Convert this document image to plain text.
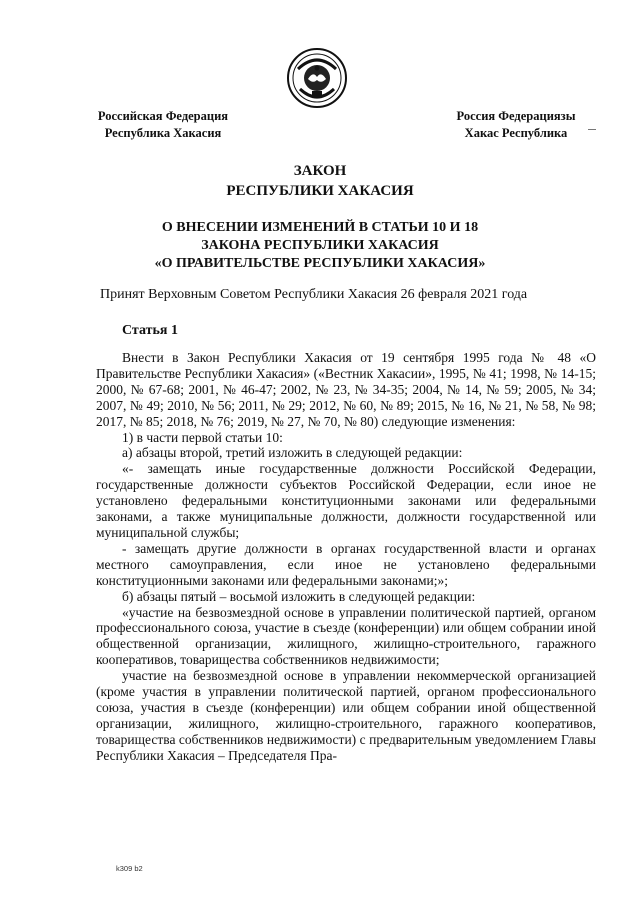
Российская Федерация
Республика Хакасия
Россия Федерациязы
Хакас Республика
ЗАКОН
РЕСПУБЛИКИ ХАКАСИЯ
О ВНЕСЕНИИ ИЗМЕНЕНИЙ В СТАТЬИ 10 И 18
ЗАКОНА РЕСПУБЛИКИ ХАКАСИЯ
«О ПРАВИТЕЛЬСТВЕ РЕСПУБЛИКИ ХАКАСИЯ»
Принят Верховным Советом Республики Хакасия 26 февраля 2021 года
Статья 1

Внести в Закон Республики Хакасия от 19 сентября 1995 года № 48 «О Правительстве Республики Хакасия» («Вестник Хакасии», 1995, № 41; 1998, № 14-15; 2000, № 67-68; 2001, № 46-47; 2002, № 23, № 34-35; 2004, № 14, № 59; 2005, № 34; 2007, № 49; 2010, № 56; 2011, № 29; 2012, № 60, № 89; 2015, № 16, № 21, № 58, № 98; 2017, № 85; 2018, № 76; 2019, № 27, № 70, № 80) следующие изменения:

1) в части первой статьи 10:

а) абзацы второй, третий изложить в следующей редакции:

«- замещать иные государственные должности Российской Федерации, государственные должности субъектов Российской Федерации, если иное не установлено федеральными конституционными законами или федеральными законами, а также муниципальные должности, должности государственной или муниципальной службы;

- замещать другие должности в органах государственной власти и органах местного самоуправления, если иное не установлено федеральными конституционными законами или федеральными законами;»;

б) абзацы пятый – восьмой изложить в следующей редакции:

«участие на безвозмездной основе в управлении политической партией, органом профессионального союза, участие в съезде (конференции) или общем собрании иной общественной организации, жилищного, жилищно-строительного, гаражного кооперативов, товарищества собственников недвижимости;

участие на безвозмездной основе в управлении некоммерческой организацией (кроме участия в управлении политической партией, органом профессионального союза, участия в съезде (конференции) или общем собрании иной общественной организации, жилищного, жилищно-строительного, гаражного кооперативов, товарищества собственников недвижимости) с предварительным уведомлением Главы Республики Хакасия – Председателя Пра-

k309 b2
